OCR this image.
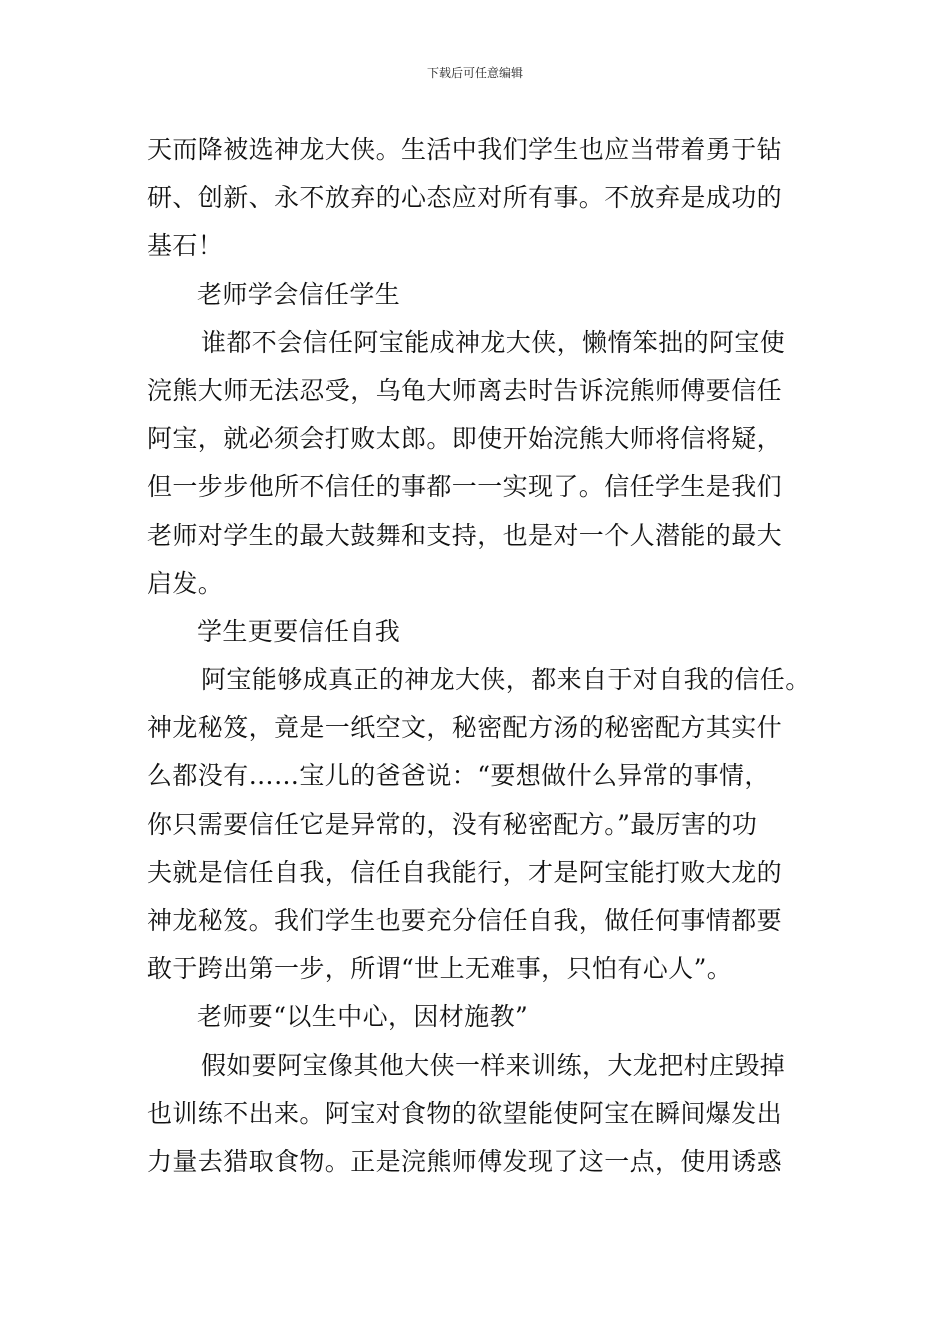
下载后可任意编辑
天而降被选神龙大侠。生活中我们学生也应当带着勇于钻
研、创新、永不放弃的心态应对所有事。不放弃是成功的
基石！
老师学会信任学生
谁都不会信任阿宝能成神龙大侠，懒惰笨拙的阿宝使
浣熊大师无法忍受，乌龟大师离去时告诉浣熊师傅要信任
阿宝，就必须会打败太郎。即使开始浣熊大师将信将疑，
但一步步他所不信任的事都一一实现了。信任学生是我们
老师对学生的最大鼓舞和支持，也是对一个人潜能的最大
启发。
学生更要信任自我
阿宝能够成真正的神龙大侠，都来自于对自我的信任。
神龙秘笈，竟是一纸空文，秘密配方汤的秘密配方其实什
么都没有……宝儿的爸爸说：“要想做什么异常的事情，
你只需要信任它是异常的，没有秘密配方。”最厉害的功
夫就是信任自我，信任自我能行，才是阿宝能打败大龙的
神龙秘笈。我们学生也要充分信任自我，做任何事情都要
敢于跨出第一步，所谓“世上无难事，只怕有心人”。
老师要“以生中心，因材施教”
假如要阿宝像其他大侠一样来训练，大龙把村庄毁掉
也训练不出来。阿宝对食物的欲望能使阿宝在瞬间爆发出
力量去猎取食物。正是浣熊师傅发现了这一点，使用诱惑
